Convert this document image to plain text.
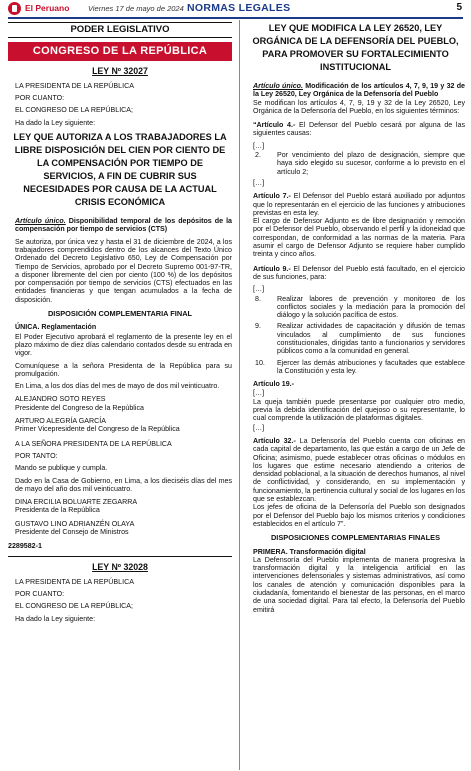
El Peruano Viernes 17 de mayo de 2024 NORMAS LEGALES	5
PODER LEGISLATIVO
CONGRESO DE LA REPÚBLICA
LEY Nº 32027

LA PRESIDENTA DE LA REPÚBLICA

POR CUANTO:

EL CONGRESO DE LA REPÚBLICA;

Ha dado la Ley siguiente:

LEY QUE AUTORIZA A LOS TRABAJADORES LA LIBRE DISPOSICIÓN DEL CIEN POR CIENTO DE LA COMPENSACIÓN POR TIEMPO DE SERVICIOS, A FIN DE CUBRIR SUS NECESIDADES POR CAUSA DE LA ACTUAL CRISIS ECONÓMICA

Artículo único. Disponibilidad temporal de los depósitos de la compensación por tiempo de servicios (CTS)

Se autoriza, por única vez y hasta el 31 de diciembre de 2024, a los trabajadores comprendidos dentro de los alcances del Texto Único Ordenado del Decreto Legislativo 650, Ley de Compensación por Tiempo de Servicios, aprobado por el Decreto Supremo 001-97-TR, a disponer libremente del cien por ciento (100 %) de los depósitos por compensación por tiempo de servicios (CTS) efectuados en las entidades financieras y que tengan acumulados a la fecha de disposición.

DISPOSICIÓN COMPLEMENTARIA FINAL

ÚNICA. Reglamentación

El Poder Ejecutivo aprobará el reglamento de la presente ley en el plazo máximo de diez días calendario contados desde su entrada en vigor.

Comuníquese a la señora Presidenta de la República para su promulgación.

En Lima, a los dos días del mes de mayo de dos mil veinticuatro.

ALEJANDRO SOTO REYES
Presidente del Congreso de la República
ARTURO ALEGRÍA GARCÍA
Primer Vicepresidente del Congreso de la República

A LA SEÑORA PRESIDENTA DE LA REPÚBLICA

POR TANTO:

Mando se publique y cumpla.

Dado en la Casa de Gobierno, en Lima, a los dieciséis días del mes de mayo del año dos mil veinticuatro.

DINA ERCILIA BOLUARTE ZEGARRA
Presidenta de la República
GUSTAVO LINO ADRIANZÉN OLAYA
Presidente del Consejo de Ministros
2289582-1
LEY Nº 32028

LA PRESIDENTA DE LA REPÚBLICA

POR CUANTO:

EL CONGRESO DE LA REPÚBLICA;

Ha dado la Ley siguiente:

LEY QUE MODIFICA LA LEY 26520, LEY ORGÁNICA DE LA DEFENSORÍA DEL PUEBLO, PARA PROMOVER SU FORTALECIMIENTO INSTITUCIONAL

Artículo único. Modificación de los artículos 4, 7, 9, 19 y 32 de la Ley 26520, Ley Orgánica de la Defensoría del Pueblo

Se modifican los artículos 4, 7, 9, 19 y 32 de la Ley 26520, Ley Orgánica de la Defensoría del Pueblo, en los siguientes términos:

“Artículo 4.- El Defensor del Pueblo cesará por alguna de las siguientes causas:

[…]

2.	Por vencimiento del plazo de designación, siempre que haya sido elegido su sucesor, conforme a lo previsto en el artículo 2;

[…]

Artículo 7.- El Defensor del Pueblo estará auxiliado por adjuntos que lo representarán en el ejercicio de las funciones y atribuciones previstas en esta ley.

El cargo de Defensor Adjunto es de libre designación y remoción por el Defensor del Pueblo, observando el perfil y la idoneidad que correspondan, de conformidad a las normas de la materia. Para asumir el cargo de Defensor Adjunto se requiere haber cumplido treinta y cinco años.

Artículo 9.- El Defensor del Pueblo está facultado, en el ejercicio de sus funciones, para:

[…]

8.	Realizar labores de prevención y monitoreo de los conflictos sociales y la mediación para la promoción del diálogo y la solución pacífica de estos.
9.	Realizar actividades de capacitación y difusión de temas vinculados al cumplimiento de sus funciones constitucionales, dirigidas tanto a funcionarios y servidores públicos como a la comunidad en general.
10.	Ejercer las demás atribuciones y facultades que establece la Constitución y esta ley.

Artículo 19.-

[…]

La queja también puede presentarse por cualquier otro medio, previa la debida identificación del quejoso o su representante, lo cual comprende la utilización de plataformas digitales.

[…]

Artículo 32.- La Defensoría del Pueblo cuenta con oficinas en cada capital de departamento, las que están a cargo de un Jefe de Oficina; asimismo, puede establecer otras oficinas o módulos en los lugares que estime necesario atendiendo a criterios de densidad poblacional, a la situación de derechos humanos, al nivel de conflictividad, y considerando, en su implementación y funcionamiento, la pertinencia cultural y social de los lugares en los que se establezcan.

Los jefes de oficina de la Defensoría del Pueblo son designados por el Defensor del Pueblo bajo los mismos criterios y condiciones establecidos en el artículo 7”.

DISPOSICIONES COMPLEMENTARIAS FINALES

PRIMERA. Transformación digital

La Defensoría del Pueblo implementa de manera progresiva la transformación digital y la inteligencia artificial en las intervenciones defensoriales y sistemas administrativos, así como los canales de atención y comunicación disponibles para la ciudadanía, fomentando el bienestar de las personas, en el marco de una sociedad digital. Para tal efecto, la Defensoría del Pueblo emitirá
